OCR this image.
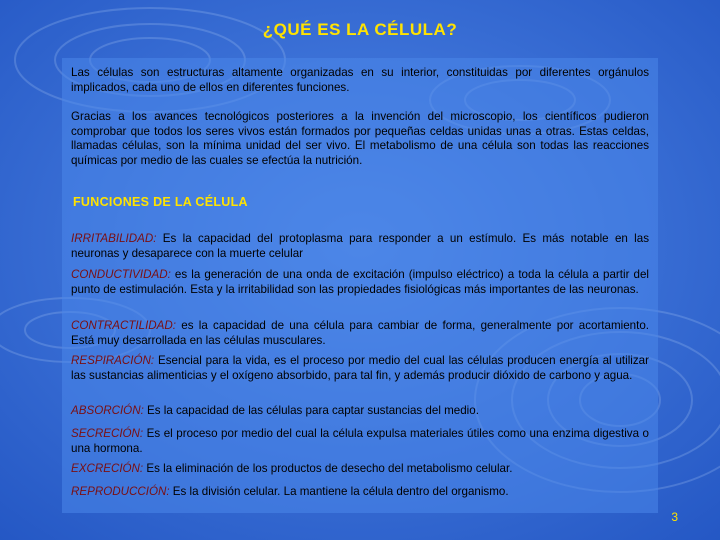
¿QUÉ ES LA CÉLULA?

Las células son estructuras altamente organizadas en su interior, constituidas por diferentes orgánulos implicados, cada uno de ellos en diferentes funciones.

Gracias a los avances tecnológicos posteriores a la invención del microscopio, los científicos pudieron comprobar que todos los seres vivos están formados por pequeñas celdas unidas unas a otras. Estas celdas, llamadas células, son la mínima unidad del ser vivo. El metabolismo de una célula son todas las reacciones químicas por medio de las cuales se efectúa la nutrición.

FUNCIONES DE LA CÉLULA

IRRITABILIDAD: Es la capacidad del protoplasma para responder a un estímulo. Es más notable en las neuronas y desaparece con la muerte celular

CONDUCTIVIDAD: es la generación de una onda de excitación (impulso eléctrico) a toda la célula a partir del punto de estimulación. Esta y la irritabilidad son las propiedades fisiológicas más importantes de las neuronas.

CONTRACTILIDAD: es la capacidad de una célula para cambiar de forma, generalmente por acortamiento. Está muy desarrollada en las células musculares.

RESPIRACIÓN: Esencial para la vida, es el proceso por medio del cual las células producen energía al utilizar las sustancias alimenticias y el oxígeno absorbido, para tal fin, y además producir dióxido de carbono y agua.

ABSORCIÓN: Es la capacidad de las células para captar sustancias del medio.

SECRECIÓN: Es el proceso por medio del cual la célula expulsa materiales útiles como una enzima digestiva o una hormona.

EXCRECIÓN: Es la eliminación de los productos de desecho del metabolismo celular.

REPRODUCCIÓN: Es la división celular. La mantiene la célula dentro del organismo.

3
